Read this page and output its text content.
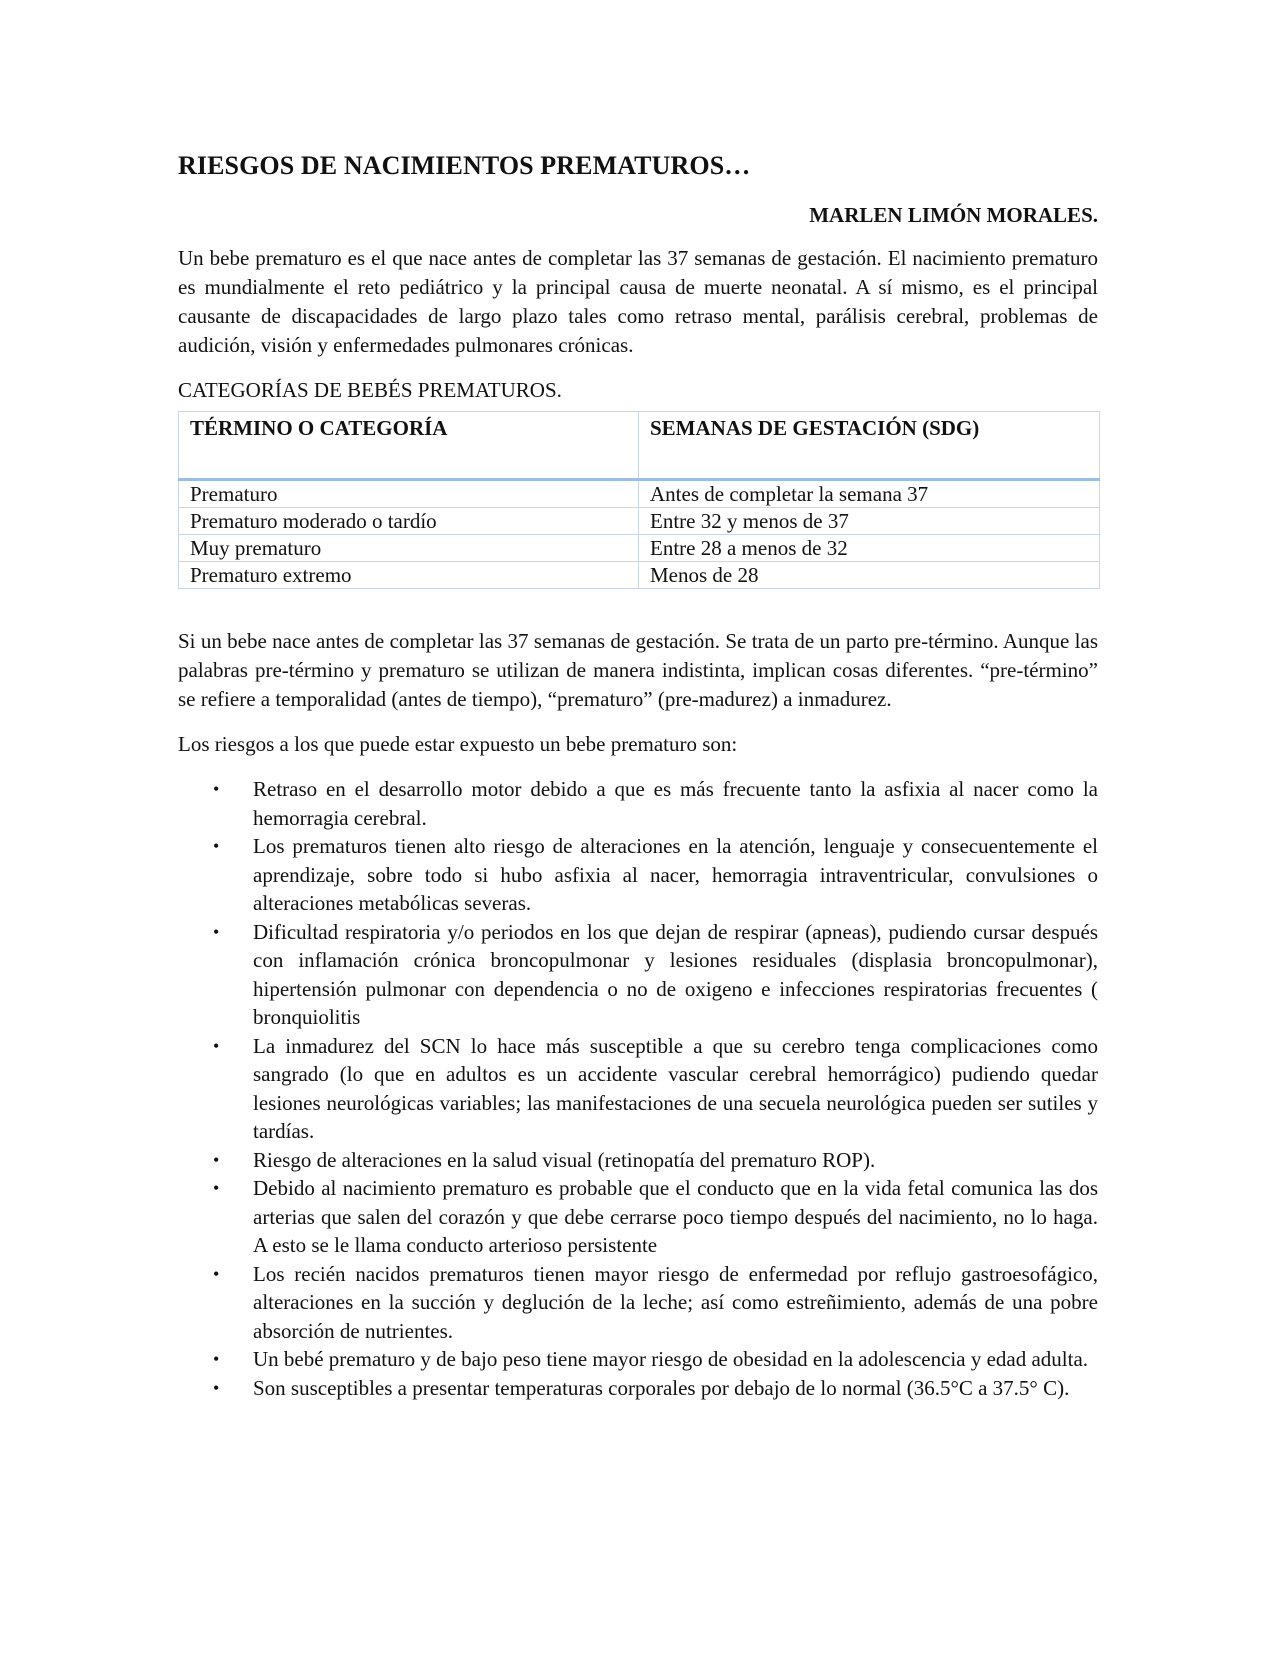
RIESGOS DE NACIMIENTOS PREMATUROS…
MARLEN LIMÓN MORALES.

Un bebe prematuro es el que nace antes de completar las 37 semanas de gestación. El nacimiento prematuro es mundialmente el reto pediátrico y la principal causa de muerte neonatal. A sí mismo, es el principal causante de discapacidades de largo plazo tales como retraso mental, parálisis cerebral, problemas de audición, visión y enfermedades pulmonares crónicas.

CATEGORÍAS DE BEBÉS PREMATUROS.
TÉRMINO O CATEGORÍA	SEMANAS DE GESTACIÓN (SDG)
Prematuro	Antes de completar la semana 37
Prematuro moderado o tardío	Entre 32 y menos de 37
Muy prematuro	Entre 28 a menos de 32
Prematuro extremo	Menos de 28

Si un bebe nace antes de completar las 37 semanas de gestación. Se trata de un parto pre-término. Aunque las palabras pre-término y prematuro se utilizan de manera indistinta, implican cosas diferentes. “pre-término” se refiere a temporalidad (antes de tiempo), “prematuro” (pre-madurez) a inmadurez.

Los riesgos a los que puede estar expuesto un bebe prematuro son:

• Retraso en el desarrollo motor debido a que es más frecuente tanto la asfixia al nacer como la hemorragia cerebral.
• Los prematuros tienen alto riesgo de alteraciones en la atención, lenguaje y consecuentemente el aprendizaje, sobre todo si hubo asfixia al nacer, hemorragia intraventricular, convulsiones o alteraciones metabólicas severas.
• Dificultad respiratoria y/o periodos en los que dejan de respirar (apneas), pudiendo cursar después con inflamación crónica broncopulmonar y lesiones residuales (displasia broncopulmonar), hipertensión pulmonar con dependencia o no de oxigeno e infecciones respiratorias frecuentes ( bronquiolitis
• La inmadurez del SCN lo hace más susceptible a que su cerebro tenga complicaciones como sangrado (lo que en adultos es un accidente vascular cerebral hemorrágico) pudiendo quedar lesiones neurológicas variables; las manifestaciones de una secuela neurológica pueden ser sutiles y tardías.
• Riesgo de alteraciones en la salud visual (retinopatía del prematuro ROP).
• Debido al nacimiento prematuro es probable que el conducto que en la vida fetal comunica las dos arterias que salen del corazón y que debe cerrarse poco tiempo después del nacimiento, no lo haga. A esto se le llama conducto arterioso persistente
• Los recién nacidos prematuros tienen mayor riesgo de enfermedad por reflujo gastroesofágico, alteraciones en la succión y deglución de la leche; así como estreñimiento, además de una pobre absorción de nutrientes.
• Un bebé prematuro y de bajo peso tiene mayor riesgo de obesidad en la adolescencia y edad adulta.
• Son susceptibles a presentar temperaturas corporales por debajo de lo normal (36.5°C a 37.5° C).
